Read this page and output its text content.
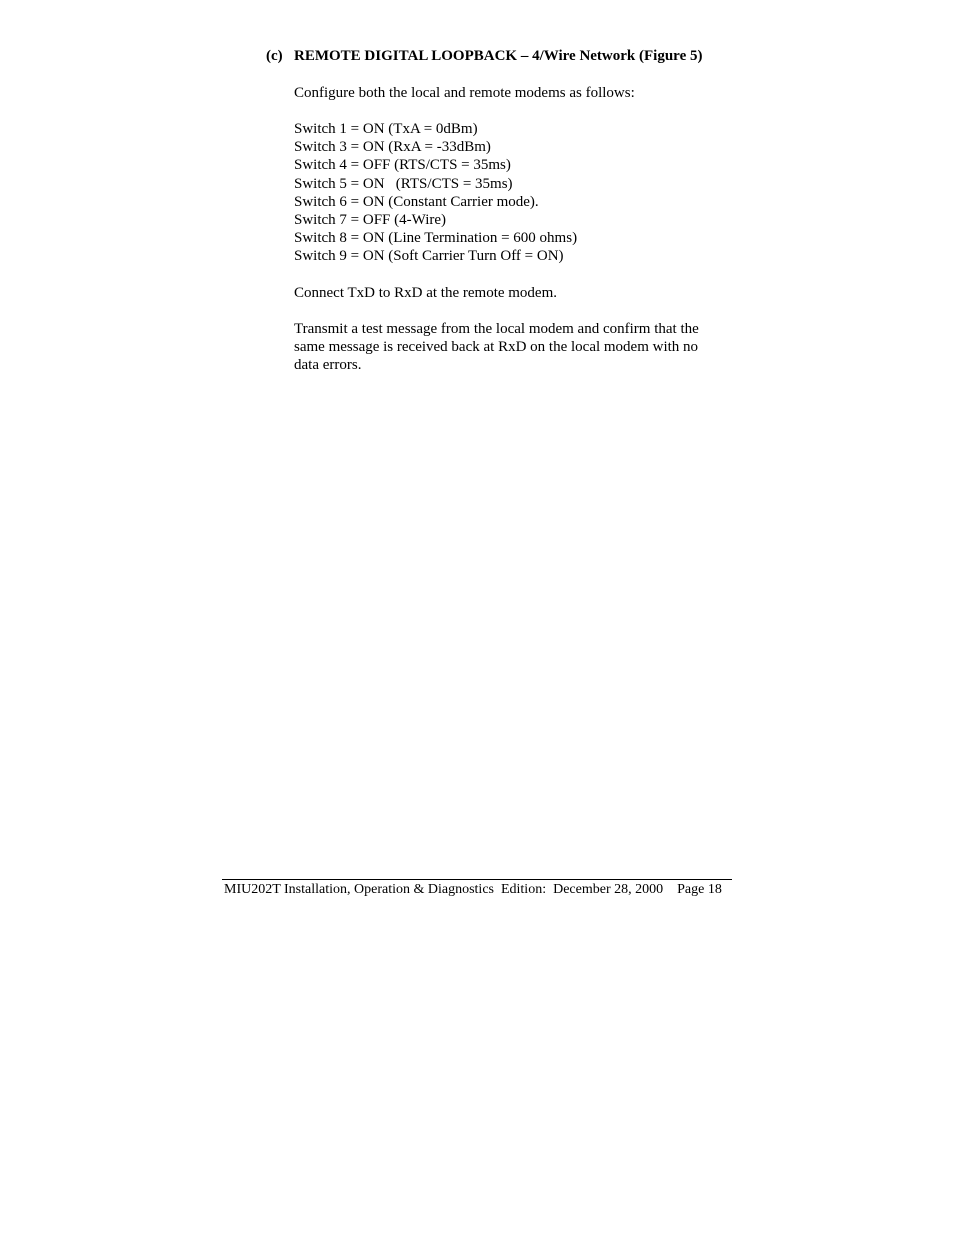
(c) REMOTE DIGITAL LOOPBACK – 4/Wire Network (Figure 5)
Configure both the local and remote modems as follows:
Switch 1 = ON (TxA = 0dBm)
Switch 3 = ON (RxA = -33dBm)
Switch 4 = OFF (RTS/CTS = 35ms)
Switch 5 = ON   (RTS/CTS = 35ms)
Switch 6 = ON (Constant Carrier mode).
Switch 7 = OFF (4-Wire)
Switch 8 = ON (Line Termination = 600 ohms)
Switch 9 = ON (Soft Carrier Turn Off = ON)
Connect TxD to RxD at the remote modem.
Transmit a test message from the local modem and confirm that the same message is received back at RxD on the local modem with no data errors.
MIU202T Installation, Operation & Diagnostics  Edition:  December 28, 2000    Page 18
